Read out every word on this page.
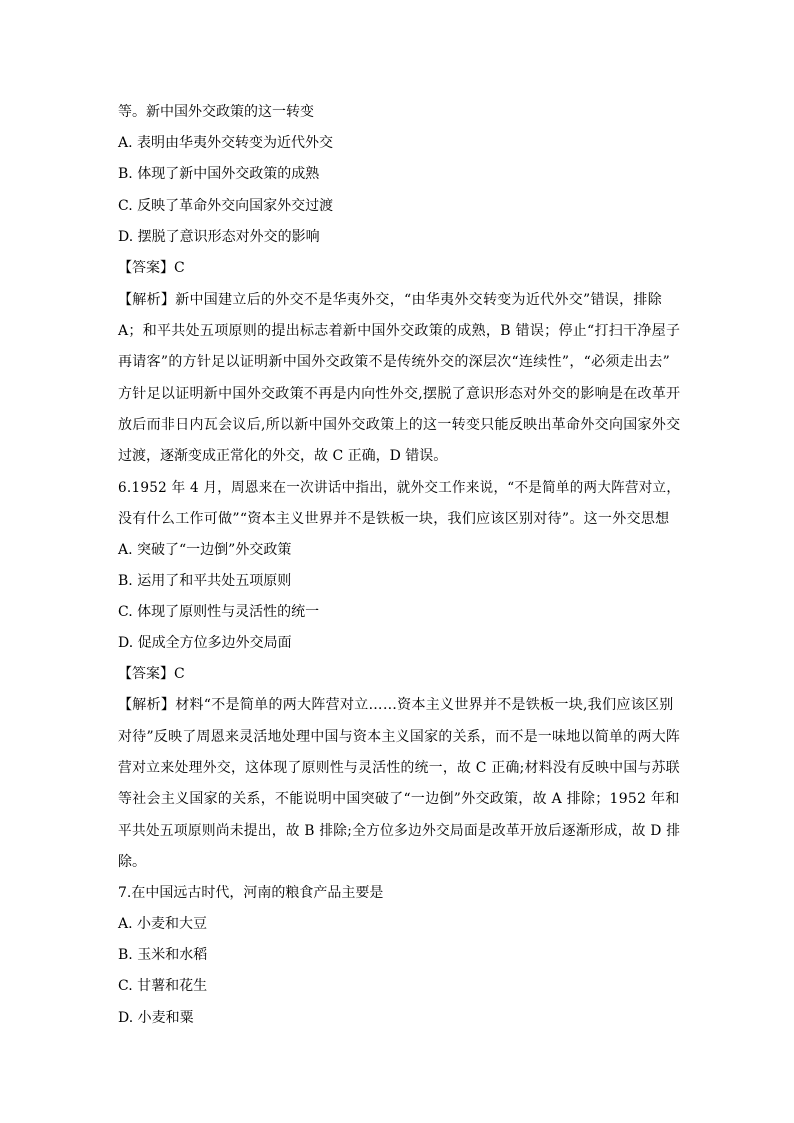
等。新中国外交政策的这一转变
A. 表明由华夷外交转变为近代外交
B. 体现了新中国外交政策的成熟
C. 反映了革命外交向国家外交过渡
D. 摆脱了意识形态对外交的影响
【答案】C
【解析】新中国建立后的外交不是华夷外交，“由华夷外交转变为近代外交”错误，排除
A；和平共处五项原则的提出标志着新中国外交政策的成熟，B 错误；停止“打扫干净屋子
再请客”的方针足以证明新中国外交政策不是传统外交的深层次“连续性”，“必须走出去”
方针足以证明新中国外交政策不再是内向性外交,摆脱了意识形态对外交的影响是在改革开
放后而非日内瓦会议后,所以新中国外交政策上的这一转变只能反映出革命外交向国家外交
过渡，逐渐变成正常化的外交，故 C 正确，D 错误。
6.1952 年 4 月，周恩来在一次讲话中指出，就外交工作来说，“不是简单的两大阵营对立，
没有什么工作可做”“资本主义世界并不是铁板一块，我们应该区别对待”。这一外交思想
A. 突破了“一边倒”外交政策
B. 运用了和平共处五项原则
C. 体现了原则性与灵活性的统一
D. 促成全方位多边外交局面
【答案】C
【解析】材料“不是简单的两大阵营对立……资本主义世界并不是铁板一块,我们应该区别
对待”反映了周恩来灵活地处理中国与资本主义国家的关系，而不是一味地以简单的两大阵
营对立来处理外交，这体现了原则性与灵活性的统一，故 C 正确;材料没有反映中国与苏联
等社会主义国家的关系，不能说明中国突破了“一边倒”外交政策，故 A 排除；1952 年和
平共处五项原则尚未提出，故 B 排除;全方位多边外交局面是改革开放后逐渐形成，故 D 排
除。
7.在中国远古时代，河南的粮食产品主要是
A. 小麦和大豆
B. 玉米和水稻
C. 甘薯和花生
D. 小麦和粟
